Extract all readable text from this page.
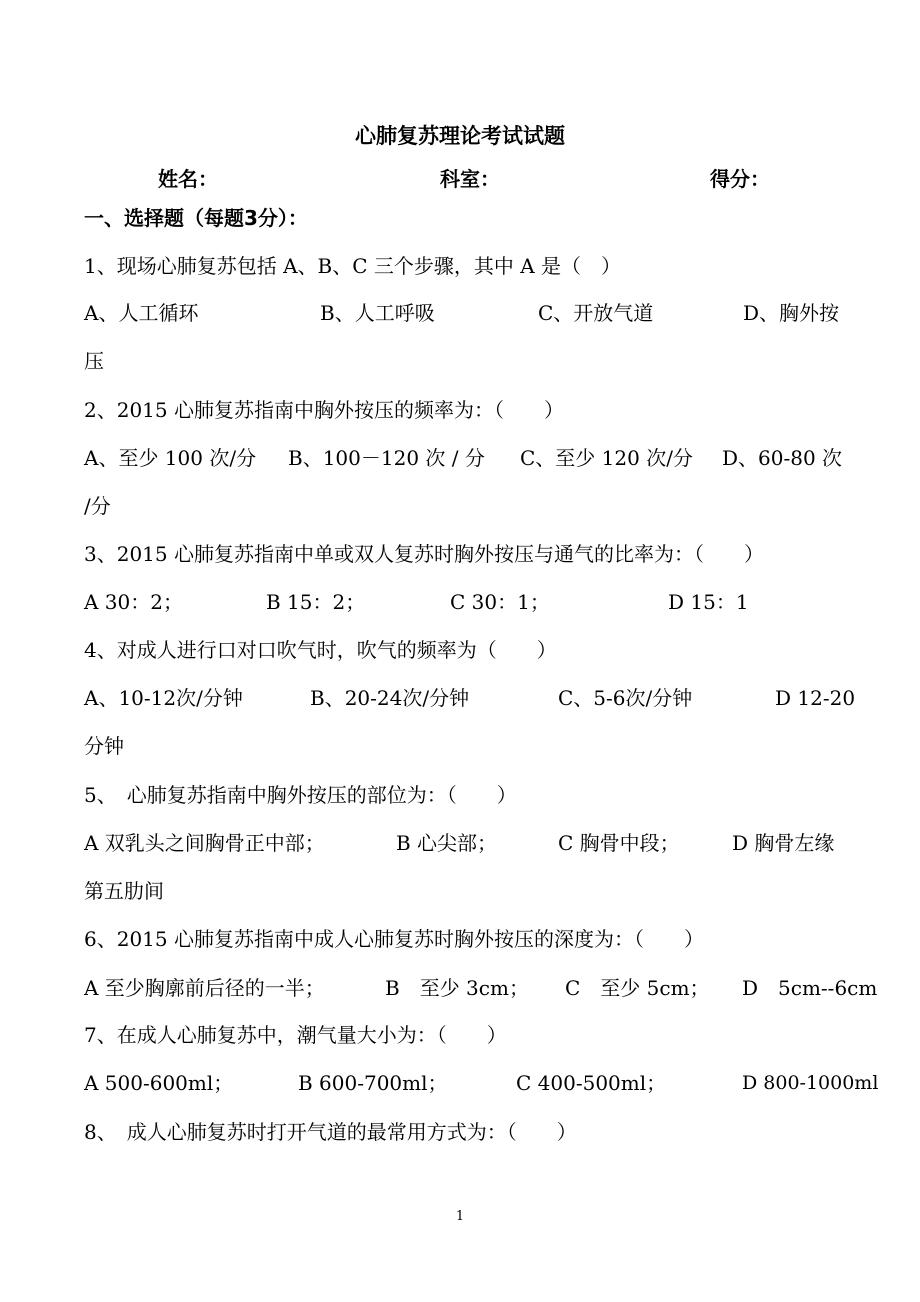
心肺复苏理论考试试题
姓名：	科室：	得分：
一、选择题（每题3分）：
1、现场心肺复苏包括 A、B、C 三个步骤，其中 A 是（　）
A、人工循环	B、人工呼吸	C、开放气道	D、胸外按
压
2、2015 心肺复苏指南中胸外按压的频率为：（　　）
A、至少 100 次/分 B、100－120 次 / 分 C、至少 120 次/分 D、60-80 次
/分
3、2015 心肺复苏指南中单或双人复苏时胸外按压与通气的比率为：（　　）
A 30：2；	B 15：2；	C 30：1；	D 15：1
4、对成人进行口对口吹气时，吹气的频率为（　　）
A、10-12次/分钟	B、20-24次/分钟	C、5-6次/分钟	D 12-20
分钟
5、　心肺复苏指南中胸外按压的部位为：（　　）
A 双乳头之间胸骨正中部；	B 心尖部；	C 胸骨中段；	D 胸骨左缘
第五肋间
6、2015 心肺复苏指南中成人心肺复苏时胸外按压的深度为：（　　）
A 至少胸廓前后径的一半；	B　至少 3cm； C　至少 5cm； D　5cm--6cm
7、在成人心肺复苏中，潮气量大小为：（　　）
A 500-600ml；	B 600-700ml；	C 400-500ml；	D 800-1000ml
8、　成人心肺复苏时打开气道的最常用方式为：（　　）
1
